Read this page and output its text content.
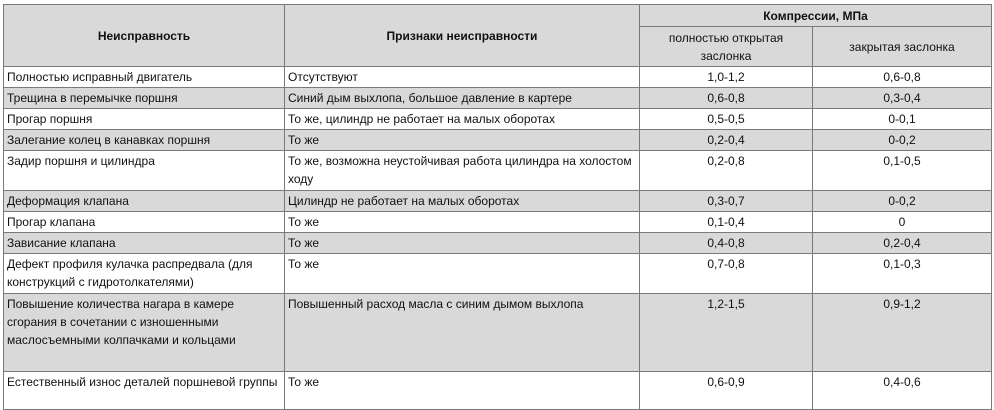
Неисправность	Признаки неисправности	Компрессии, МПа	
		полностью открытая заслонка	закрытая заслонка
Полностью исправный двигатель	Отсутствуют	1,0-1,2	0,6-0,8
Трещина в перемычке поршня	Синий дым выхлопа, большое давление в картере	0,6-0,8	0,3-0,4
Прогар поршня	То же, цилиндр не работает на малых оборотах	0,5-0,5	0-0,1
Залегание колец в канавках поршня	То же	0,2-0,4	0-0,2
Задир поршня и цилиндра	То же, возможна неустойчивая работа цилиндра на холостом ходу	0,2-0,8	0,1-0,5
Деформация клапана	Цилиндр не работает на малых оборотах	0,3-0,7	0-0,2
Прогар клапана	То же	0,1-0,4	0
Зависание клапана	То же	0,4-0,8	0,2-0,4
Дефект профиля кулачка распредвала (для конструкций с гидротолкателями)	То же	0,7-0,8	0,1-0,3
Повышение количества нагара в камере сгорания в сочетании с изношенными маслосъемными колпачками и кольцами	Повышенный расход масла с синим дымом выхлопа	1,2-1,5	0,9-1,2
Естественный износ деталей поршневой группы	То же	0,6-0,9	0,4-0,6
